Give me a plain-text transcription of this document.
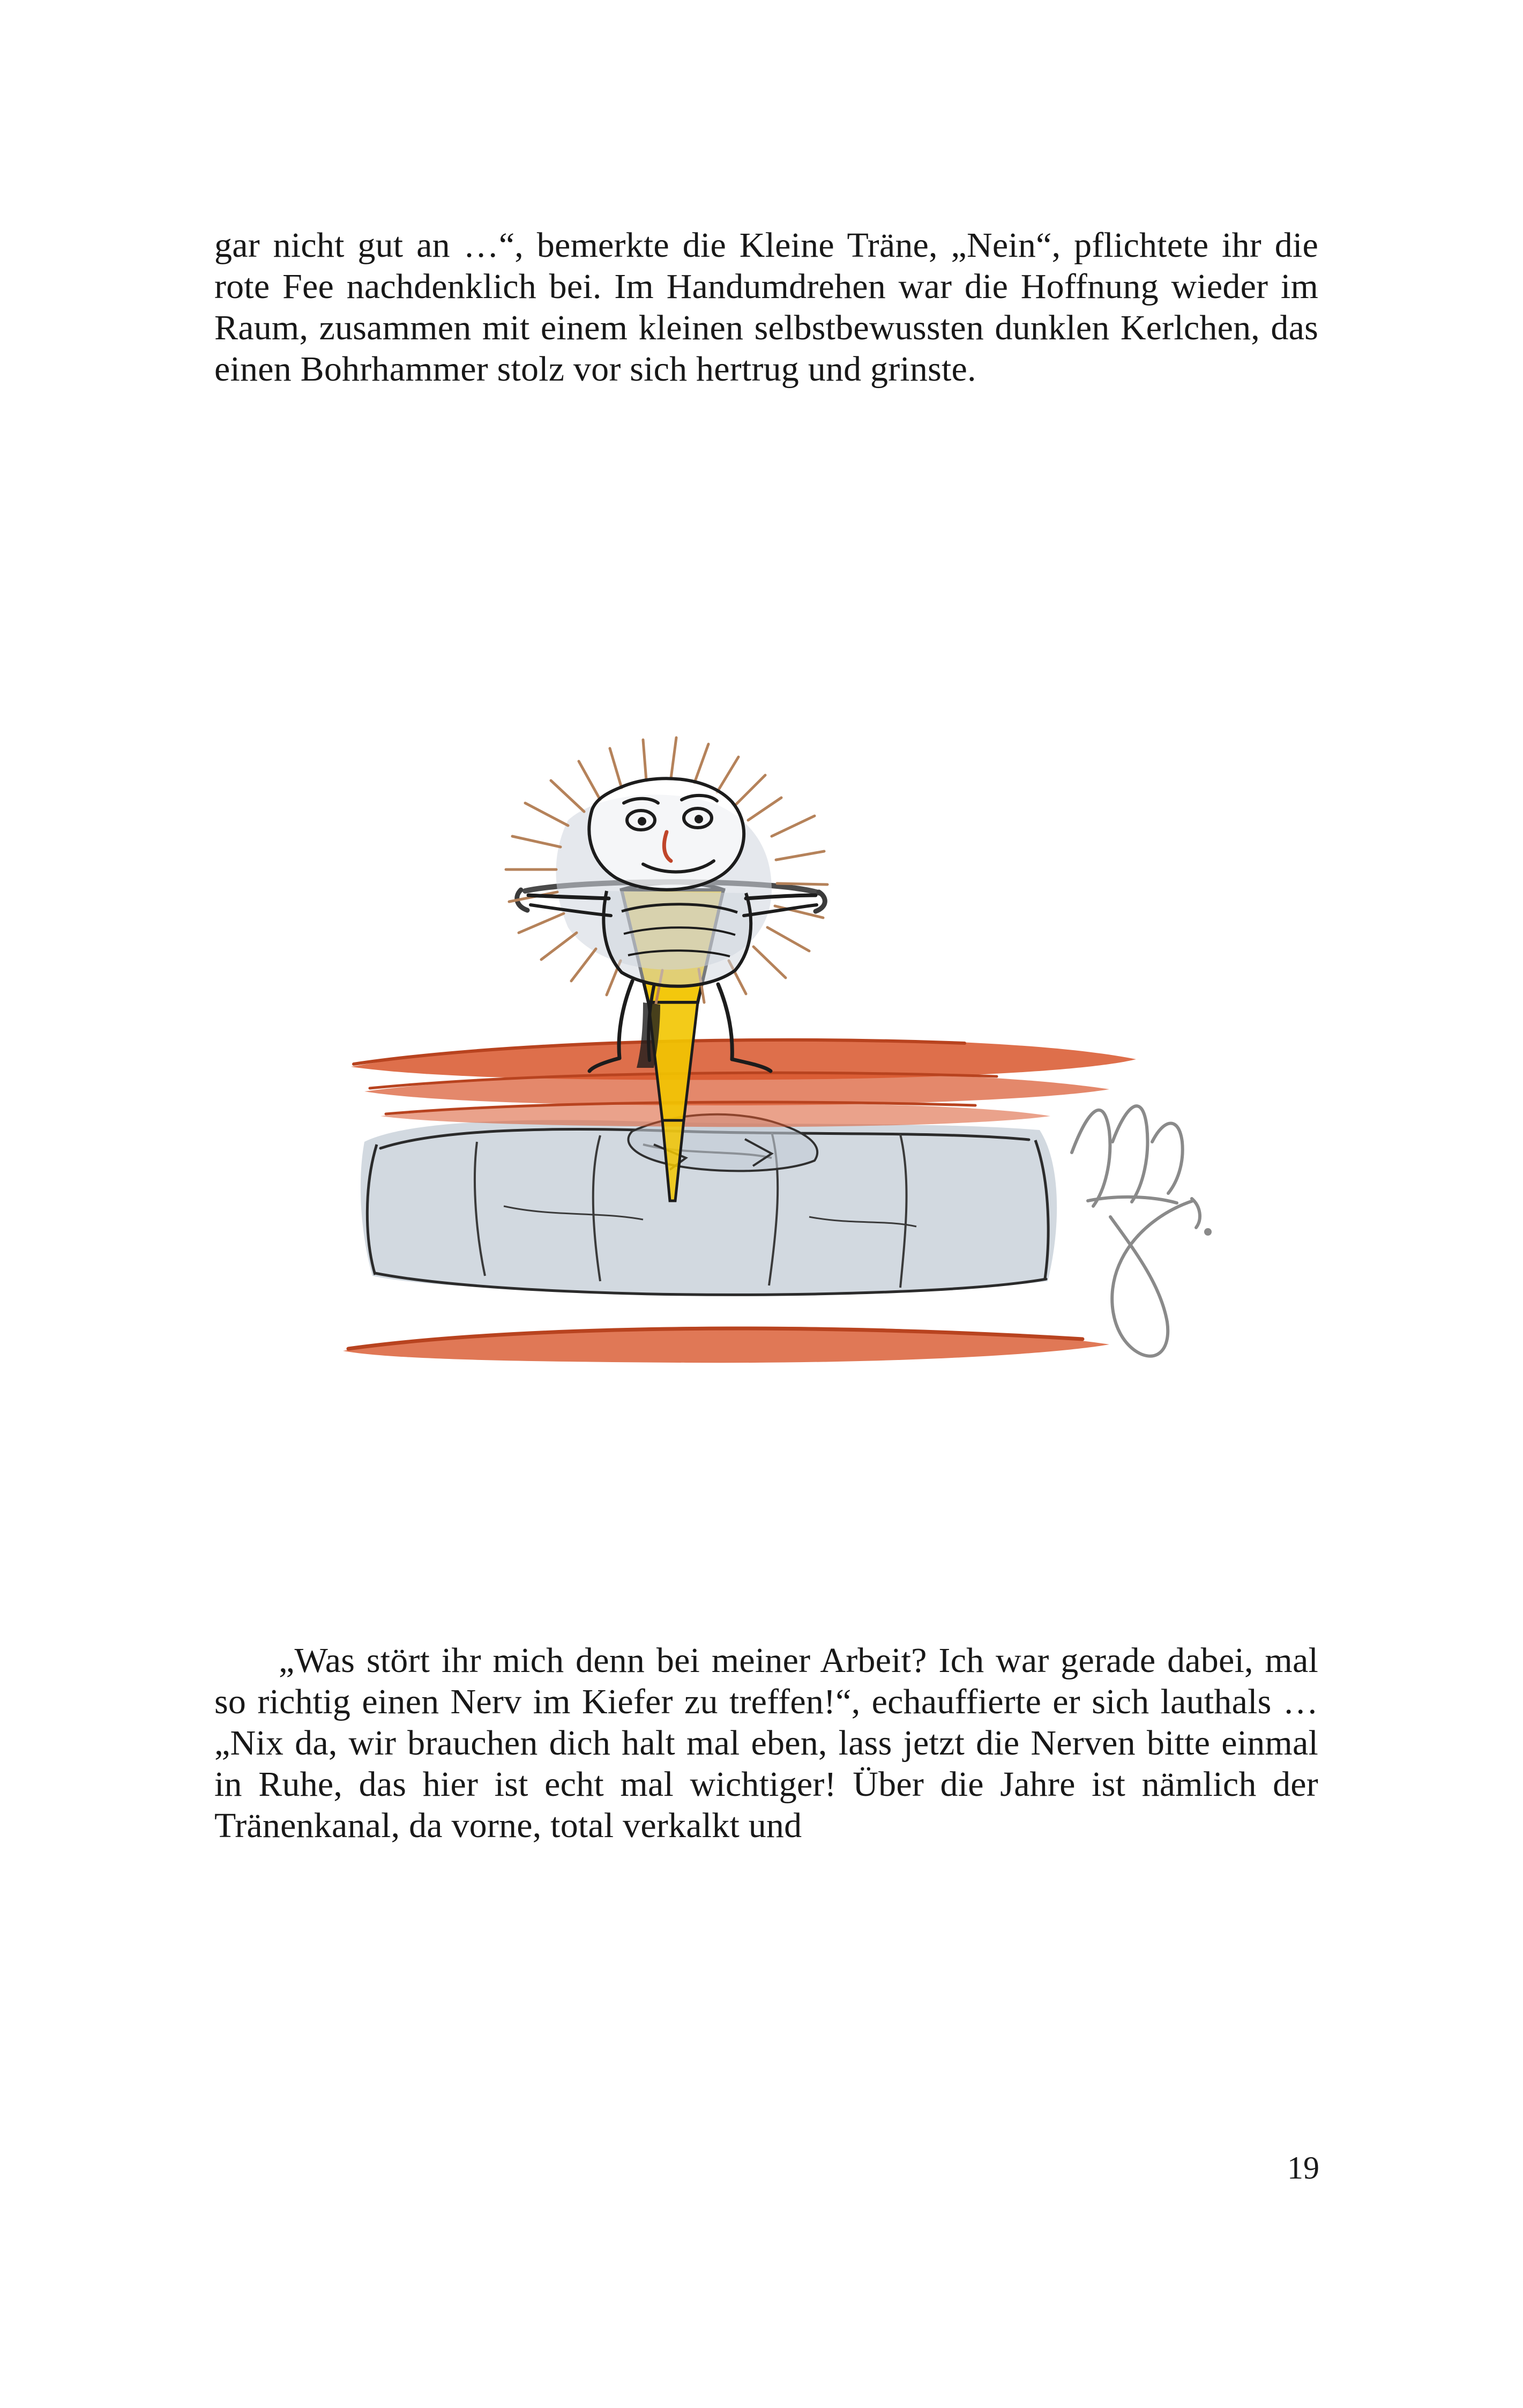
gar nicht gut an …“, bemerkte die Kleine Träne, „Nein“, pflichtete ihr die rote Fee nachdenklich bei. Im Handumdrehen war die Hoffnung wieder im Raum, zusammen mit einem kleinen selbstbewussten dunklen Kerlchen, das einen Bohrhammer stolz vor sich hertrug und grinste.

„Was stört ihr mich denn bei meiner Arbeit? Ich war gerade dabei, mal so richtig einen Nerv im Kiefer zu treffen!“, echauffierte er sich lauthals … „Nix da, wir brauchen dich halt mal eben, lass jetzt die Nerven bitte einmal in Ruhe, das hier ist echt mal wichtiger! Über die Jahre ist nämlich der Tränenkanal, da vorne, total verkalkt und

19
